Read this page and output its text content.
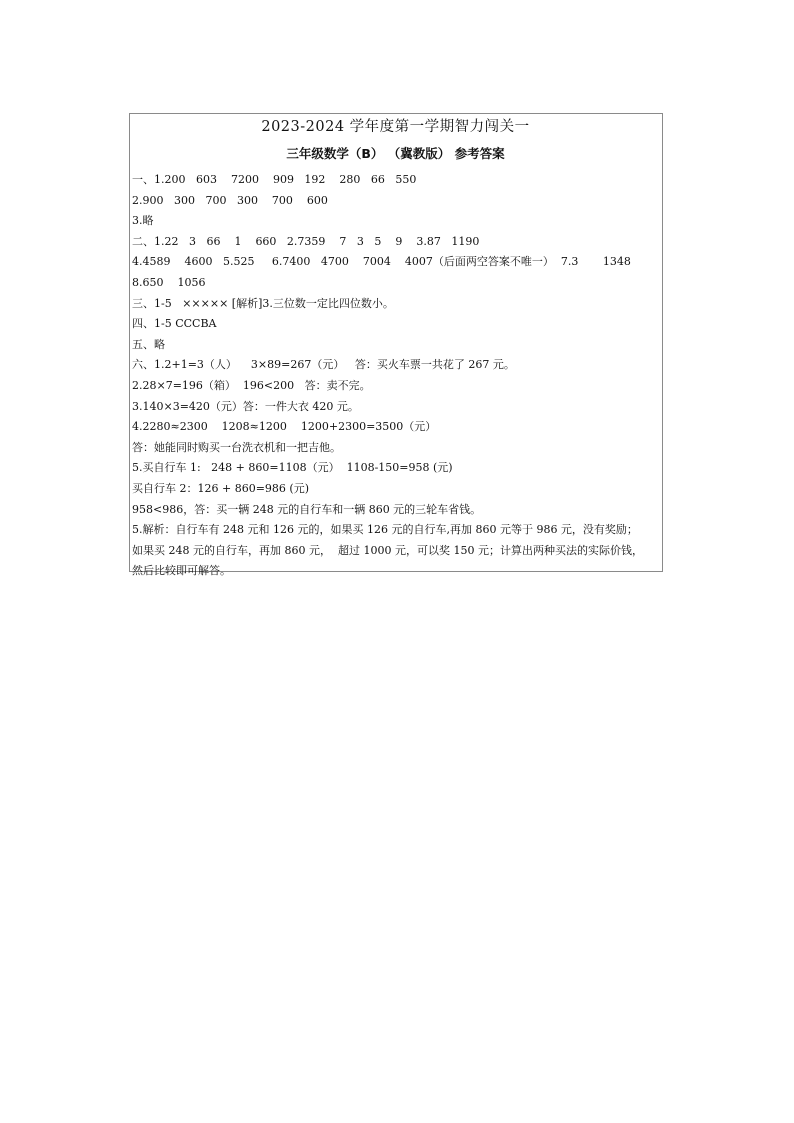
2023-2024 学年度第一学期智力闯关一
三年级数学（B） （冀教版） 参考答案
一、1.200   603    7200    909   192    280   66   550
2.900   300   700   300    700    600
3.略
二、1.22   3   66    1    660   2.7359    7   3   5    9    3.87   1190
4.4589    4600   5.525     6.7400   4700    7004    4007（后面两空答案不唯一）  7.3       1348
8.650    1056
三、1-5   ××××× [解析]3.三位数一定比四位数小。
四、1-5 CCCBA
五、略
六、1.2+1=3（人）    3×89=267（元）   答：买火车票一共花了 267 元。
2.28×7=196（箱）  196<200   答：卖不完。
3.140×3=420（元）答：一件大衣 420 元。
4.2280≈2300    1208≈1200    1200+2300=3500（元）
答：她能同时购买一台洗衣机和一把吉他。
5.买自行车 1:   248 + 860=1108（元）  1108-150=958 (元)
买自行车 2：126 + 860=986 (元)
958<986，答：买一辆 248 元的自行车和一辆 860 元的三轮车省钱。
5.解析：自行车有 248 元和 126 元的，如果买 126 元的自行车,再加 860 元等于 986 元，没有奖励；
如果买 248 元的自行车，再加 860 元，  超过 1000 元，可以奖 150 元；计算出两种买法的实际价钱，
然后比较即可解答。
